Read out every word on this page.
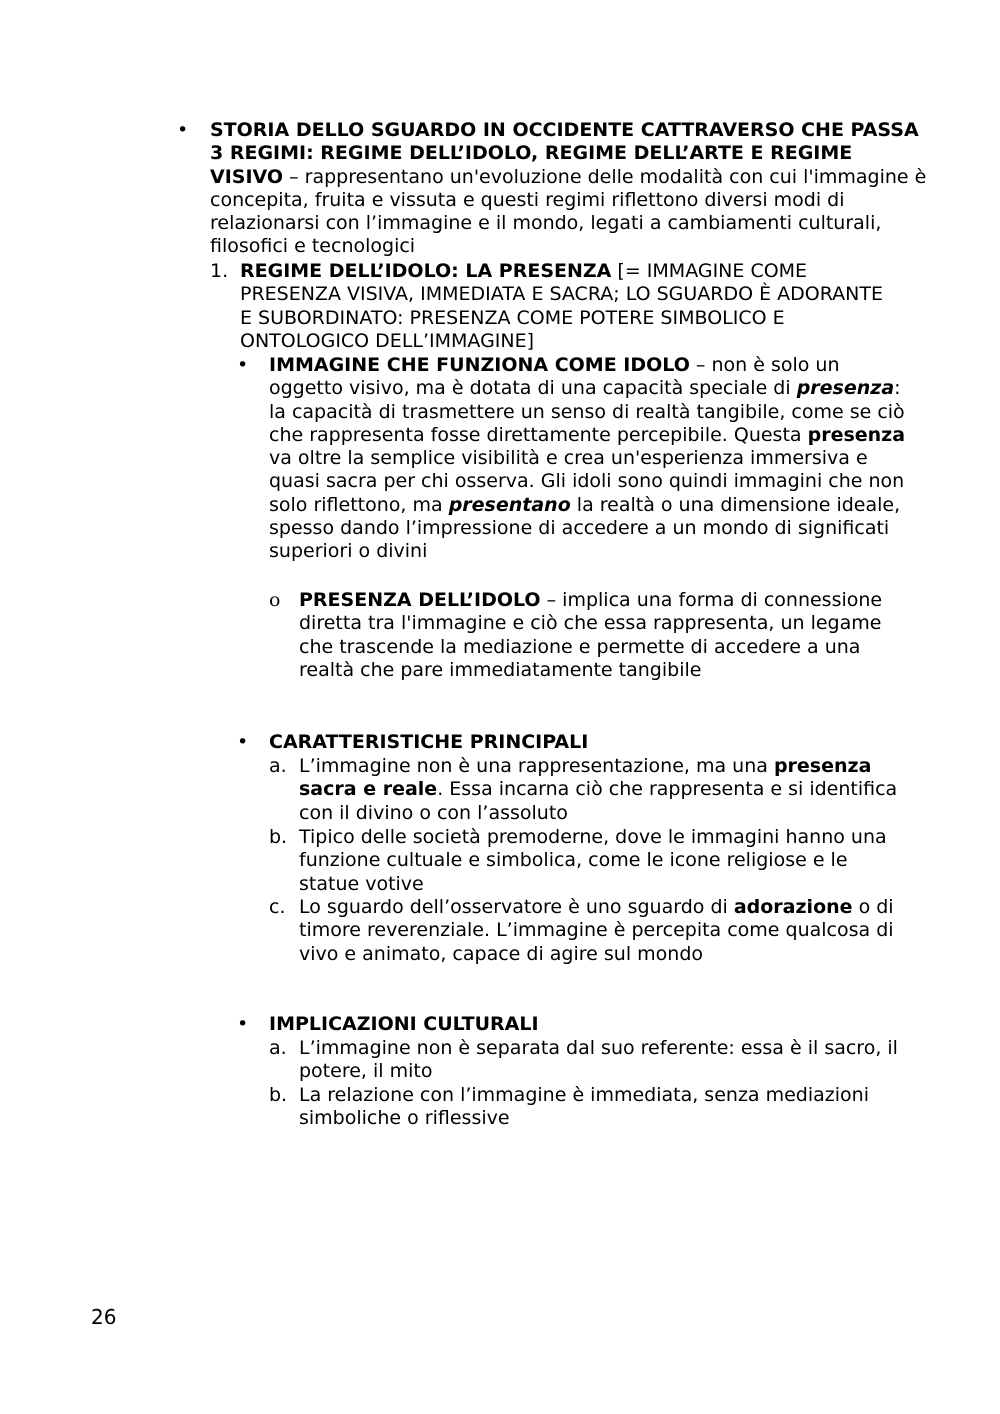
• STORIA DELLO SGUARDO IN OCCIDENTE CATTRAVERSO CHE PASSA 3 REGIMI: REGIME DELL’IDOLO, REGIME DELL’ARTE E REGIME VISIVO – rappresentano un'evoluzione delle modalità con cui l'immagine è concepita, fruita e vissuta e questi regimi riflettono diversi modi di relazionarsi con l’immagine e il mondo, legati a cambiamenti culturali, filosofici e tecnologici
1. REGIME DELL’IDOLO: LA PRESENZA [= IMMAGINE COME PRESENZA VISIVA, IMMEDIATA E SACRA; LO SGUARDO È ADORANTE E SUBORDINATO: PRESENZA COME POTERE SIMBOLICO E ONTOLOGICO DELL’IMMAGINE]
• IMMAGINE CHE FUNZIONA COME IDOLO – non è solo un oggetto visivo, ma è dotata di una capacità speciale di presenza: la capacità di trasmettere un senso di realtà tangibile, come se ciò che rappresenta fosse direttamente percepibile. Questa presenza va oltre la semplice visibilità e crea un'esperienza immersiva e quasi sacra per chi osserva. Gli idoli sono quindi immagini che non solo riflettono, ma presentano la realtà o una dimensione ideale, spesso dando l’impressione di accedere a un mondo di significati superiori o divini
o PRESENZA DELL’IDOLO – implica una forma di connessione diretta tra l'immagine e ciò che essa rappresenta, un legame che trascende la mediazione e permette di accedere a una realtà che pare immediatamente tangibile
• CARATTERISTICHE PRINCIPALI
a. L’immagine non è una rappresentazione, ma una presenza sacra e reale. Essa incarna ciò che rappresenta e si identifica con il divino o con l’assoluto
b. Tipico delle società premoderne, dove le immagini hanno una funzione cultuale e simbolica, come le icone religiose e le statue votive
c. Lo sguardo dell’osservatore è uno sguardo di adorazione o di timore reverenziale. L’immagine è percepita come qualcosa di vivo e animato, capace di agire sul mondo
• IMPLICAZIONI CULTURALI
a. L’immagine non è separata dal suo referente: essa è il sacro, il potere, il mito
b. La relazione con l’immagine è immediata, senza mediazioni simboliche o riflessive
26
